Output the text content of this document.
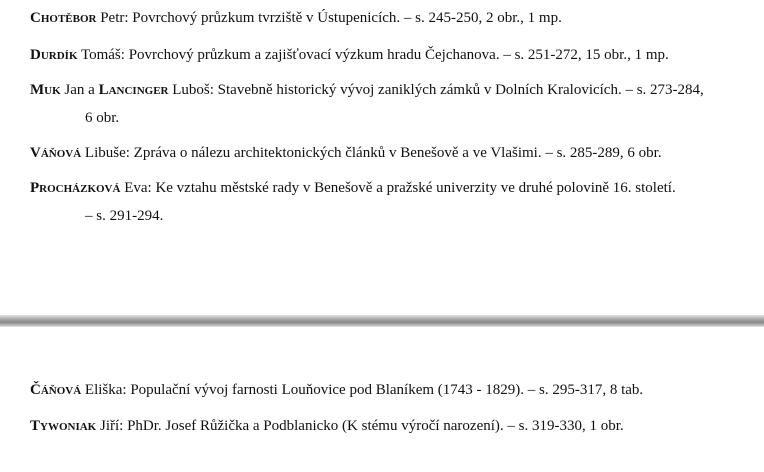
Chotěbor Petr: Povrchový průzkum tvrziště v Ústupenicích. – s. 245-250, 2 obr., 1 mp.
Durdík Tomáš: Povrchový průzkum a zajišťovací výzkum hradu Čejchanova. – s. 251-272, 15 obr., 1 mp.
Muk Jan a Lancinger Luboš: Stavebně historický vývoj zaniklých zámků v Dolních Kralovicích. – s. 273-284,
6 obr.
Váňová Libuše: Zpráva o nálezu architektonických článků v Benešově a ve Vlašimi. – s. 285-289, 6 obr.
Procházková Eva: Ke vztahu městské rady v Benešově a pražské univerzity ve druhé polovině 16. století.
– s. 291-294.
Čáňová Eliška: Populační vývoj farnosti Louňovice pod Blaníkem (1743 - 1829). – s. 295-317, 8 tab.
Tywoniak Jiří: PhDr. Josef Růžička a Podblanicko (K stému výročí narození). – s. 319-330, 1 obr.
